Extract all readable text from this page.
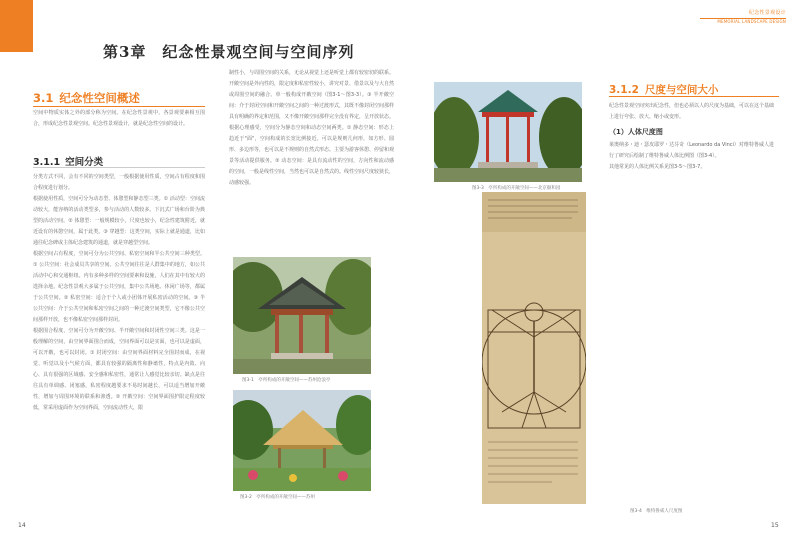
纪念性景观设计
MEMORIAL LANDSCAPE DESIGN
第3章　纪念性景观空间与空间序列
3.1 纪念性空间概述
空间中物质实体之外的部分称为空间。在纪念性景观中，各景观要素相互围合，形成纪念性景观空间。纪念性景观设计，就是纪念性空间的设计。
3.1.1 空间分类
分类方式不同，会有不同的空间类型，一般根据使用性质，空间占有程度和围合程度进行划分。
根据使用性质，空间可分为动态型、体憩型和静态型三类。① 活动型：空间流动较大，能容纳的活动类型多，参与活动的人数较多。下沉式广场和台阶为典型的活动空间。② 体憩型：一般规模较小，尺度也较小，纪念性建筑附近，就近设有的休憩空间，属于此类。③ 穿越型：这类空间，实际上就是通道，比如通往纪念碑或主体纪念建筑的通道，就是穿越型空间。
根据空间占有程度，空间可分为公共空间、私密空间和半公共空间三种类型。① 公共空间：社会成员共享的空间。公共空间往往是人群集中的地方，如公共活动中心和交通枢纽。内有多种多样的空间要素和设施，人们在其中有较大的选择余地。纪念性景观大多属于公共空间，集中公共场地、休闲广场等，都属于公共空间。② 私密空间：适合于个人或小团体开展私密活动的空间。③ 半公共空间：介于公共空间和私密空间之间的一种过渡空间类型，它不像公共空间那样开放，也不像私密空间那样封闭。
根据围合程度，空间可分为开敞空间、半开敞空间和封闭性空间三类。这是一般理解的空间，由空间界面围合而成，空间界面可以是实面，也可以是虚面，可以开敞，也可以封闭。① 封闭空间：由空间界面材料完全围封而成，在视觉、听觉以及小气候方面，都具有较强的隔离性和静谧性，特点是内敛、向心、具有很强的区域感、安全感和私密性，通常让人感觉比较亲切。缺点是往往具有单调感、闭塞感。私密程度越要求不易时间越长，可以适当增加开敞性，增加与周围环境的联系和渗透。② 开敞空间：空间界面围护限定程度较低，常采用虚面作为空间界面，空间流动性大，限
14
制性小，与周围空间的关系，无论从视觉上还是听觉上都有较密切的联系。开敞空间是外向性的，限定度和私密性较小，讲究对景、借景以及与大自然或周围空间的融合。单一般构成开敞空间（图3-1～图3-3）。③ 半开敞空间：介于封闭空间和开敞空间之间的一种过渡形式，其既不像封闭空间那样具有明确的界定和范围，又不像开敞空间那样完全没有界定，呈开放状态。
根据心理感受，空间分为静态空间和动态空间两类。① 静态空间：形态上趋近于"面"，空间构成的长宽比例接近。可以是规则几何形，如方形、圆形、多边形等，也可以是不规则的自然式形态。主要为游客休憩、停留和观景等活动提供服务。② 动态空间：是具有流动性的空间，方向性和流动感的空间，一般是线性空间，当然也可以是自然式的。线性空间尺度较狭长，动感较强。
图3-1　亭所构成的开敞空间——苏州沧浪亭
图3-2　亭所构成的开敞空间——苏州
图3-3　亭所构成的开敞空间——北京颐和园
图3-4　维特鲁威人尺度图
3.1.2 尺度与空间大小
纪念性景观空间突出纪念性，但也必须以人的尺度为基础，可以在这个基础上进行夸张、放大、缩小或变形。
（1）人体尺度图
莱奥纳多・迪・瑟皮耶罗・达芬奇（Leonardo da Vinci）对维特鲁威人进行了研究后绘制了维特鲁威人体比例图（图3-4）。
其他常见的人体比例关系见图3-5～图3-7。
15
